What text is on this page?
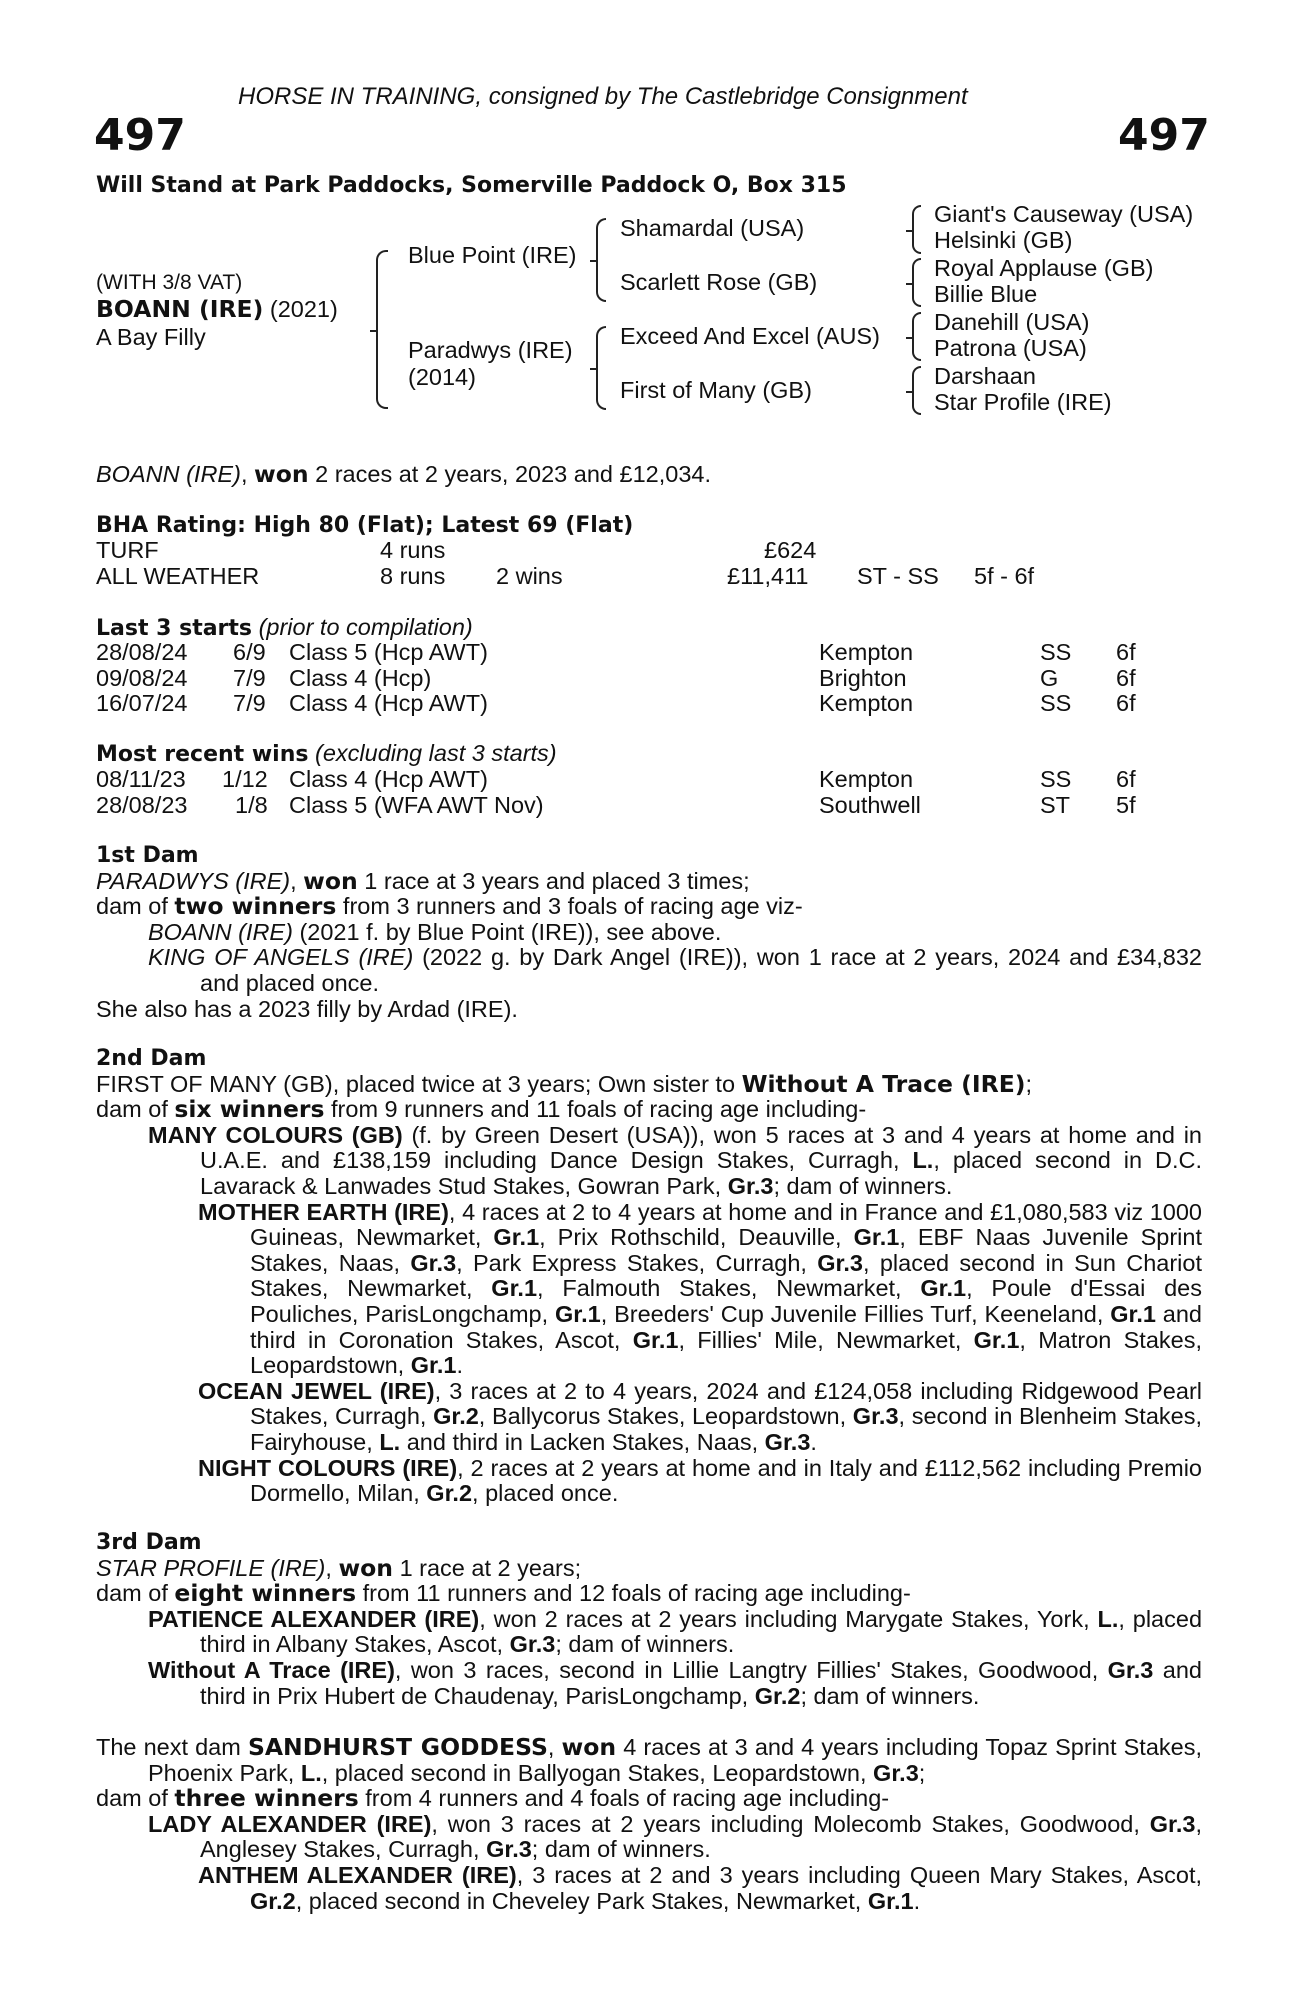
HORSE IN TRAINING, consigned by The Castlebridge Consignment
497	497
Will Stand at Park Paddocks, Somerville Paddock O, Box 315
(WITH 3/8 VAT)
BOANN (IRE) (2021)
A Bay Filly
Blue Point (IRE)
Paradwys (IRE)
(2014)
Shamardal (USA)
Scarlett Rose (GB)
Exceed And Excel (AUS)
First of Many (GB)
Giant's Causeway (USA)
Helsinki (GB)
Royal Applause (GB)
Billie Blue
Danehill (USA)
Patrona (USA)
Darshaan
Star Profile (IRE)
BOANN (IRE), won 2 races at 2 years, 2023 and £12,034.
BHA Rating: High 80 (Flat); Latest 69 (Flat)
TURF	4 runs	£624
ALL WEATHER	8 runs 2 wins	£11,411 ST - SS 5f - 6f
Last 3 starts (prior to compilation)
28/08/24 6/9 Class 5 (Hcp AWT)	Kempton	SS 6f
09/08/24 7/9 Class 4 (Hcp)	Brighton	G 6f
16/07/24 7/9 Class 4 (Hcp AWT)	Kempton	SS 6f
Most recent wins (excluding last 3 starts)
08/11/23 1/12 Class 4 (Hcp AWT)	Kempton	SS 6f
28/08/23 1/8 Class 5 (WFA AWT Nov)	Southwell	ST 5f

1st Dam

PARADWYS (IRE), won 1 race at 3 years and placed 3 times;

dam of two winners from 3 runners and 3 foals of racing age viz-

BOANN (IRE) (2021 f. by Blue Point (IRE)), see above.

KING OF ANGELS (IRE) (2022 g. by Dark Angel (IRE)), won 1 race at 2 years, 2024 and £34,832 and placed once.

She also has a 2023 filly by Ardad (IRE).

2nd Dam

FIRST OF MANY (GB), placed twice at 3 years; Own sister to Without A Trace (IRE);

dam of six winners from 9 runners and 11 foals of racing age including-

MANY COLOURS (GB) (f. by Green Desert (USA)), won 5 races at 3 and 4 years at home and in U.A.E. and £138,159 including Dance Design Stakes, Curragh, L., placed second in D.C. Lavarack & Lanwades Stud Stakes, Gowran Park, Gr.3; dam of winners.

MOTHER EARTH (IRE), 4 races at 2 to 4 years at home and in France and £1,080,583 viz 1000 Guineas, Newmarket, Gr.1, Prix Rothschild, Deauville, Gr.1, EBF Naas Juvenile Sprint Stakes, Naas, Gr.3, Park Express Stakes, Curragh, Gr.3, placed second in Sun Chariot Stakes, Newmarket, Gr.1, Falmouth Stakes, Newmarket, Gr.1, Poule d'Essai des Pouliches, ParisLongchamp, Gr.1, Breeders' Cup Juvenile Fillies Turf, Keeneland, Gr.1 and third in Coronation Stakes, Ascot, Gr.1, Fillies' Mile, Newmarket, Gr.1, Matron Stakes, Leopardstown, Gr.1.

OCEAN JEWEL (IRE), 3 races at 2 to 4 years, 2024 and £124,058 including Ridgewood Pearl Stakes, Curragh, Gr.2, Ballycorus Stakes, Leopardstown, Gr.3, second in Blenheim Stakes, Fairyhouse, L. and third in Lacken Stakes, Naas, Gr.3.

NIGHT COLOURS (IRE), 2 races at 2 years at home and in Italy and £112,562 including Premio Dormello, Milan, Gr.2, placed once.

3rd Dam

STAR PROFILE (IRE), won 1 race at 2 years;

dam of eight winners from 11 runners and 12 foals of racing age including-

PATIENCE ALEXANDER (IRE), won 2 races at 2 years including Marygate Stakes, York, L., placed third in Albany Stakes, Ascot, Gr.3; dam of winners.

Without A Trace (IRE), won 3 races, second in Lillie Langtry Fillies' Stakes, Goodwood, Gr.3 and third in Prix Hubert de Chaudenay, ParisLongchamp, Gr.2; dam of winners.

The next dam SANDHURST GODDESS, won 4 races at 3 and 4 years including Topaz Sprint Stakes, Phoenix Park, L., placed second in Ballyogan Stakes, Leopardstown, Gr.3;

dam of three winners from 4 runners and 4 foals of racing age including-

LADY ALEXANDER (IRE), won 3 races at 2 years including Molecomb Stakes, Goodwood, Gr.3, Anglesey Stakes, Curragh, Gr.3; dam of winners.

ANTHEM ALEXANDER (IRE), 3 races at 2 and 3 years including Queen Mary Stakes, Ascot, Gr.2, placed second in Cheveley Park Stakes, Newmarket, Gr.1.
